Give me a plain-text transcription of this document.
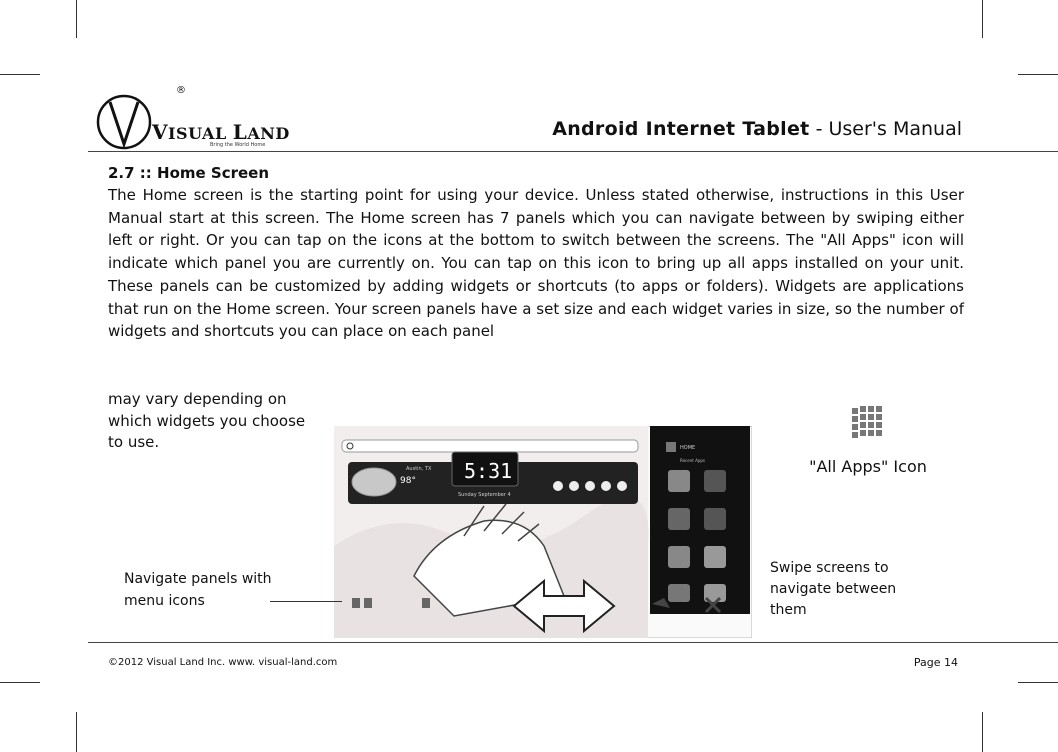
®
VISUAL LAND
Bring the World Home
Android Internet Tablet - User's Manual
2.7 :: Home Screen
The Home screen is the starting point for using your device. Unless stated otherwise, instructions in this User Manual start at this screen. The Home screen has 7 panels which you can navigate between by swiping either left or right. Or you can tap on the icons at the bottom to switch between the screens. The "All Apps" icon will indicate which panel you are currently on. You can tap on this icon to bring up all apps installed on your unit. These panels can be customized by adding widgets or shortcuts (to apps or folders). Widgets are applications that run on the Home screen. Your screen panels have a set size and each widget varies in size, so the number of widgets and shortcuts you can place on each panel
may vary depending on which widgets you choose to use.
Austin, TX
98° 5:31
Sunday September 4
HOME
Recent Apps	"All Apps" Icon
Navigate panels with menu icons
Swipe screens to navigate between them
©2012 Visual Land Inc. www. visual-land.com	Page 14
